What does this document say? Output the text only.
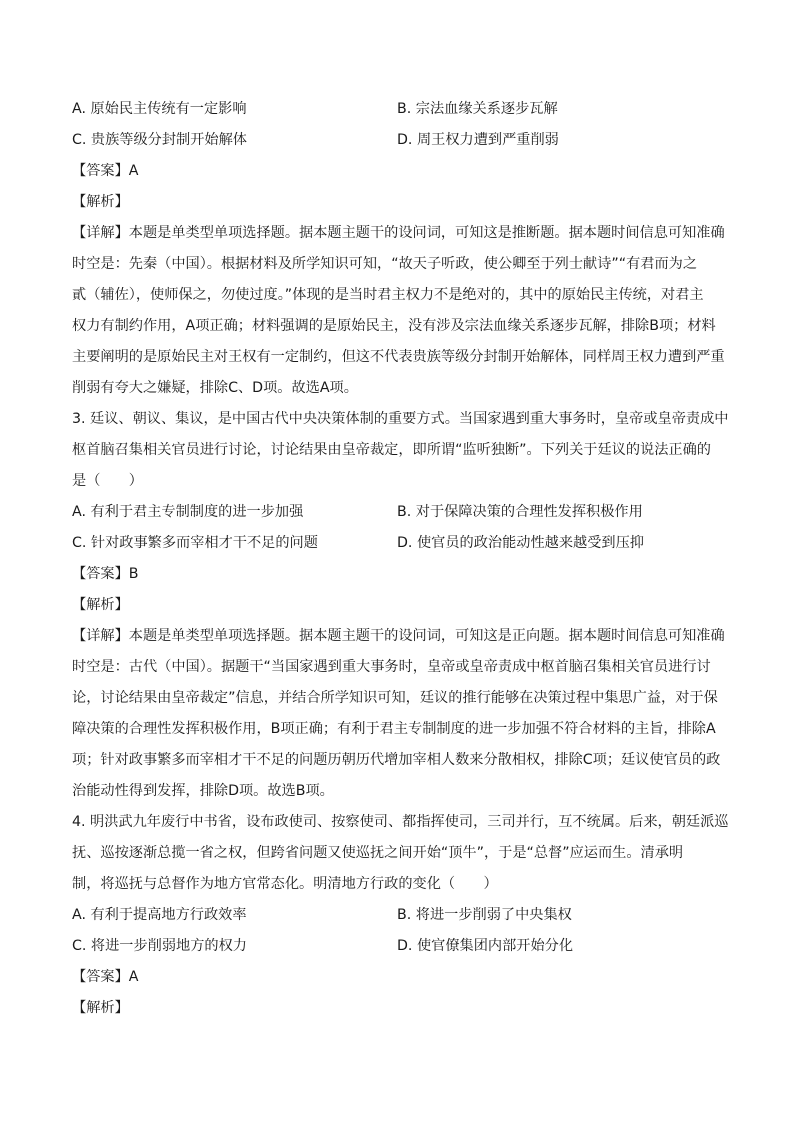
A. 原始民主传统有一定影响	B. 宗法血缘关系逐步瓦解
C. 贵族等级分封制开始解体	D. 周王权力遭到严重削弱
【答案】A
【解析】
【详解】本题是单类型单项选择题。据本题主题干的设问词，可知这是推断题。据本题时间信息可知准确
时空是：先秦（中国）。根据材料及所学知识可知，“故天子听政，使公卿至于列士献诗”“有君而为之
貳（辅佐），使师保之，勿使过度。”体现的是当时君主权力不是绝对的，其中的原始民主传统，对君主
权力有制约作用，A项正确；材料强调的是原始民主，没有涉及宗法血缘关系逐步瓦解，排除B项；材料
主要阐明的是原始民主对王权有一定制约，但这不代表贵族等级分封制开始解体，同样周王权力遭到严重
削弱有夸大之嫌疑，排除C、D项。故选A项。
3. 廷议、朝议、集议，是中国古代中央决策体制的重要方式。当国家遇到重大事务时，皇帝或皇帝责成中
枢首脑召集相关官员进行讨论，讨论结果由皇帝裁定，即所谓“监听独断”。下列关于廷议的说法正确的
是（　　）
A. 有利于君主专制制度的进一步加强	B. 对于保障决策的合理性发挥积极作用
C. 针对政事繁多而宰相才干不足的问题	D. 使官员的政治能动性越来越受到压抑
【答案】B
【解析】
【详解】本题是单类型单项选择题。据本题主题干的设问词，可知这是正向题。据本题时间信息可知准确
时空是：古代（中国）。据题干“当国家遇到重大事务时，皇帝或皇帝责成中枢首脑召集相关官员进行讨
论，讨论结果由皇帝裁定”信息，并结合所学知识可知，廷议的推行能够在决策过程中集思广益，对于保
障决策的合理性发挥积极作用，B项正确；有利于君主专制制度的进一步加强不符合材料的主旨，排除A
项；针对政事繁多而宰相才干不足的问题历朝历代增加宰相人数来分散相权，排除C项；廷议使官员的政
治能动性得到发挥，排除D项。故选B项。
4. 明洪武九年废行中书省，设布政使司、按察使司、都指挥使司，三司并行，互不统属。后来，朝廷派巡
抚、巡按逐渐总揽一省之权，但跨省问题又使巡抚之间开始“顶牛”，于是“总督”应运而生。清承明
制，将巡抚与总督作为地方官常态化。明清地方行政的变化（　　）
A. 有利于提高地方行政效率	B. 将进一步削弱了中央集权
C. 将进一步削弱地方的权力	D. 使官僚集团内部开始分化
【答案】A
【解析】
